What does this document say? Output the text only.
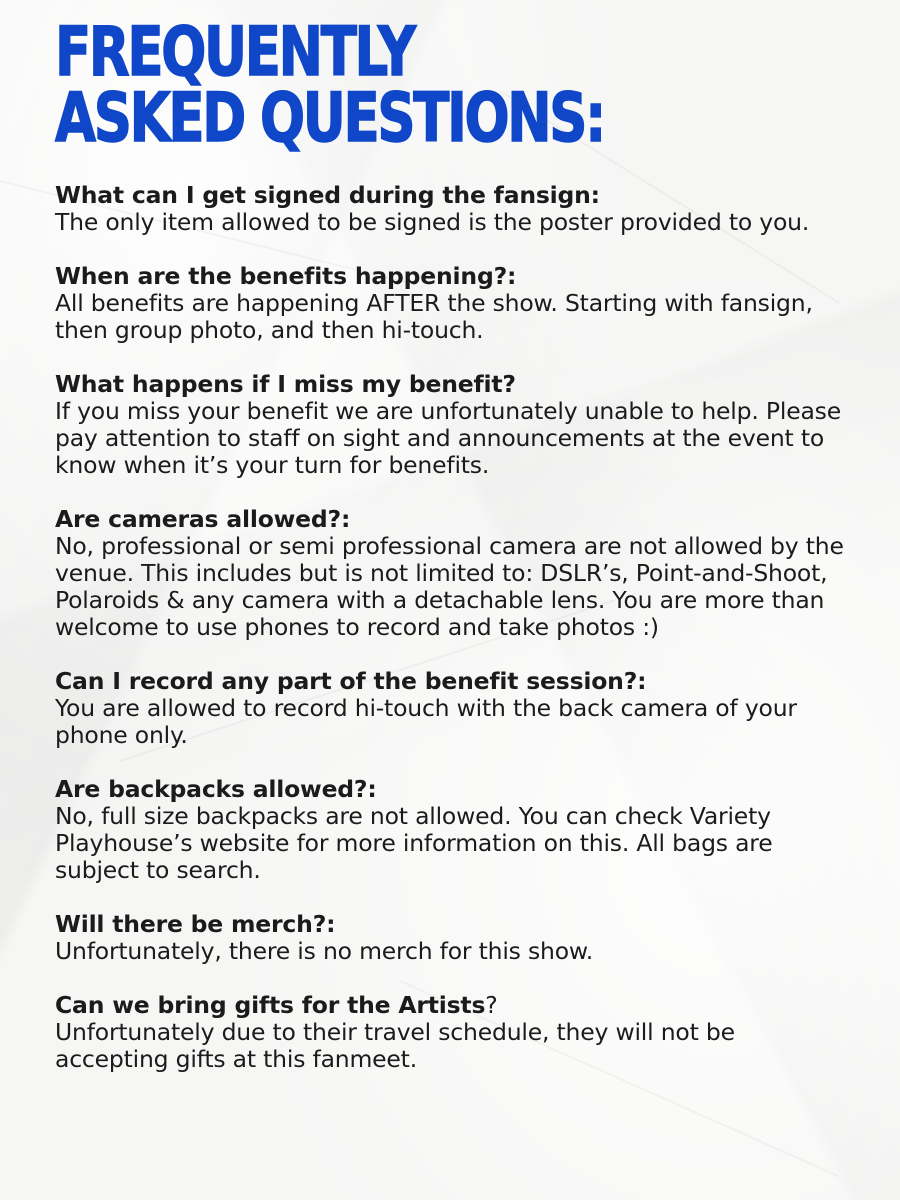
FREQUENTLY
ASKED QUESTIONS:
What can I get signed during the fansign:
The only item allowed to be signed is the poster provided to you.
When are the benefits happening?:
All benefits are happening AFTER the show. Starting with fansign, then group photo, and then hi-touch.
What happens if I miss my benefit?
If you miss your benefit we are unfortunately unable to help. Please pay attention to staff on sight and announcements at the event to know when it’s your turn for benefits.
Are cameras allowed?:
No, professional or semi professional camera are not allowed by the venue. This includes but is not limited to: DSLR’s, Point-and-Shoot, Polaroids & any camera with a detachable lens. You are more than welcome to use phones to record and take photos :)
Can I record any part of the benefit session?:
You are allowed to record hi-touch with the back camera of your phone only.
Are backpacks allowed?:
No, full size backpacks are not allowed. You can check Variety Playhouse’s website for more information on this. All bags are subject to search.
Will there be merch?:
Unfortunately, there is no merch for this show.
Can we bring gifts for the Artists?
Unfortunately due to their travel schedule, they will not be accepting gifts at this fanmeet.
